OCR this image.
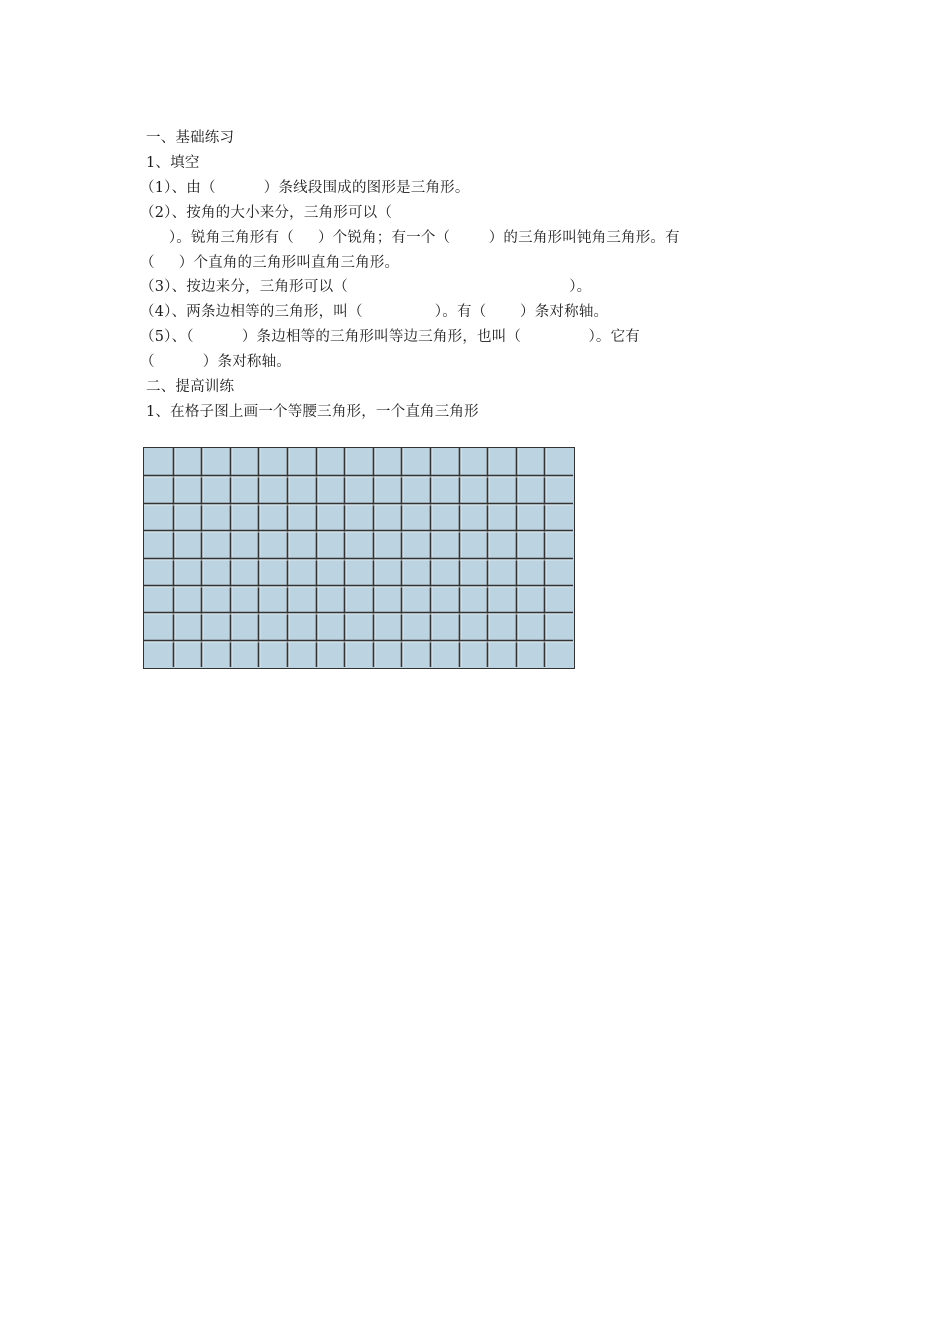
一、基础练习
1、填空
（1）、由（          ）条线段围成的图形是三角形。
（2）、按角的大小来分，三角形可以（
）。锐角三角形有（     ）个锐角；有一个（        ）的三角形叫钝角三角形。有
（     ）个直角的三角形叫直角三角形。
（3）、按边来分，三角形可以（                                              ）。
（4）、两条边相等的三角形，叫（               ）。有（       ）条对称轴。
（5）、（          ）条边相等的三角形叫等边三角形，也叫（              ）。它有
（          ）条对称轴。
二、提高训练
1、在格子图上画一个等腰三角形，一个直角三角形
